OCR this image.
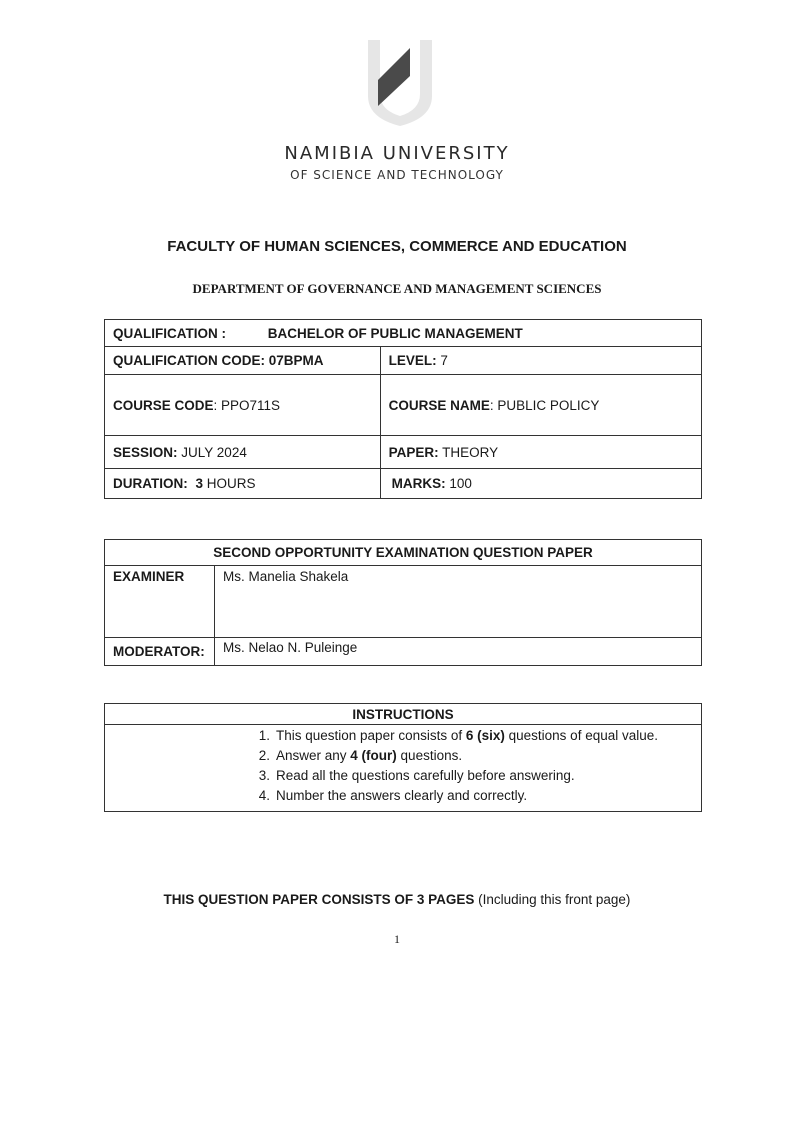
NAMIBIA UNIVERSITY
OF SCIENCE AND TECHNOLOGY
FACULTY OF HUMAN SCIENCES, COMMERCE AND EDUCATION
DEPARTMENT OF GOVERNANCE AND MANAGEMENT SCIENCES
QUALIFICATION : BACHELOR OF PUBLIC MANAGEMENT	
QUALIFICATION CODE: 07BPMA	LEVEL: 7
COURSE CODE: PPO711S	COURSE NAME: PUBLIC POLICY
SESSION: JULY 2024	PAPER: THEORY
DURATION: 3 HOURS	MARKS: 100
SECOND OPPORTUNITY EXAMINATION QUESTION PAPER	
EXAMINER	Ms. Manelia Shakela
MODERATOR:	Ms. Nelao N. Puleinge
INSTRUCTIONS

1. This question paper consists of 6 (six) questions of equal value.
2. Answer any 4 (four) questions.
3. Read all the questions carefully before answering.
4. Number the answers clearly and correctly.
THIS QUESTION PAPER CONSISTS OF 3 PAGES (Including this front page)
1
